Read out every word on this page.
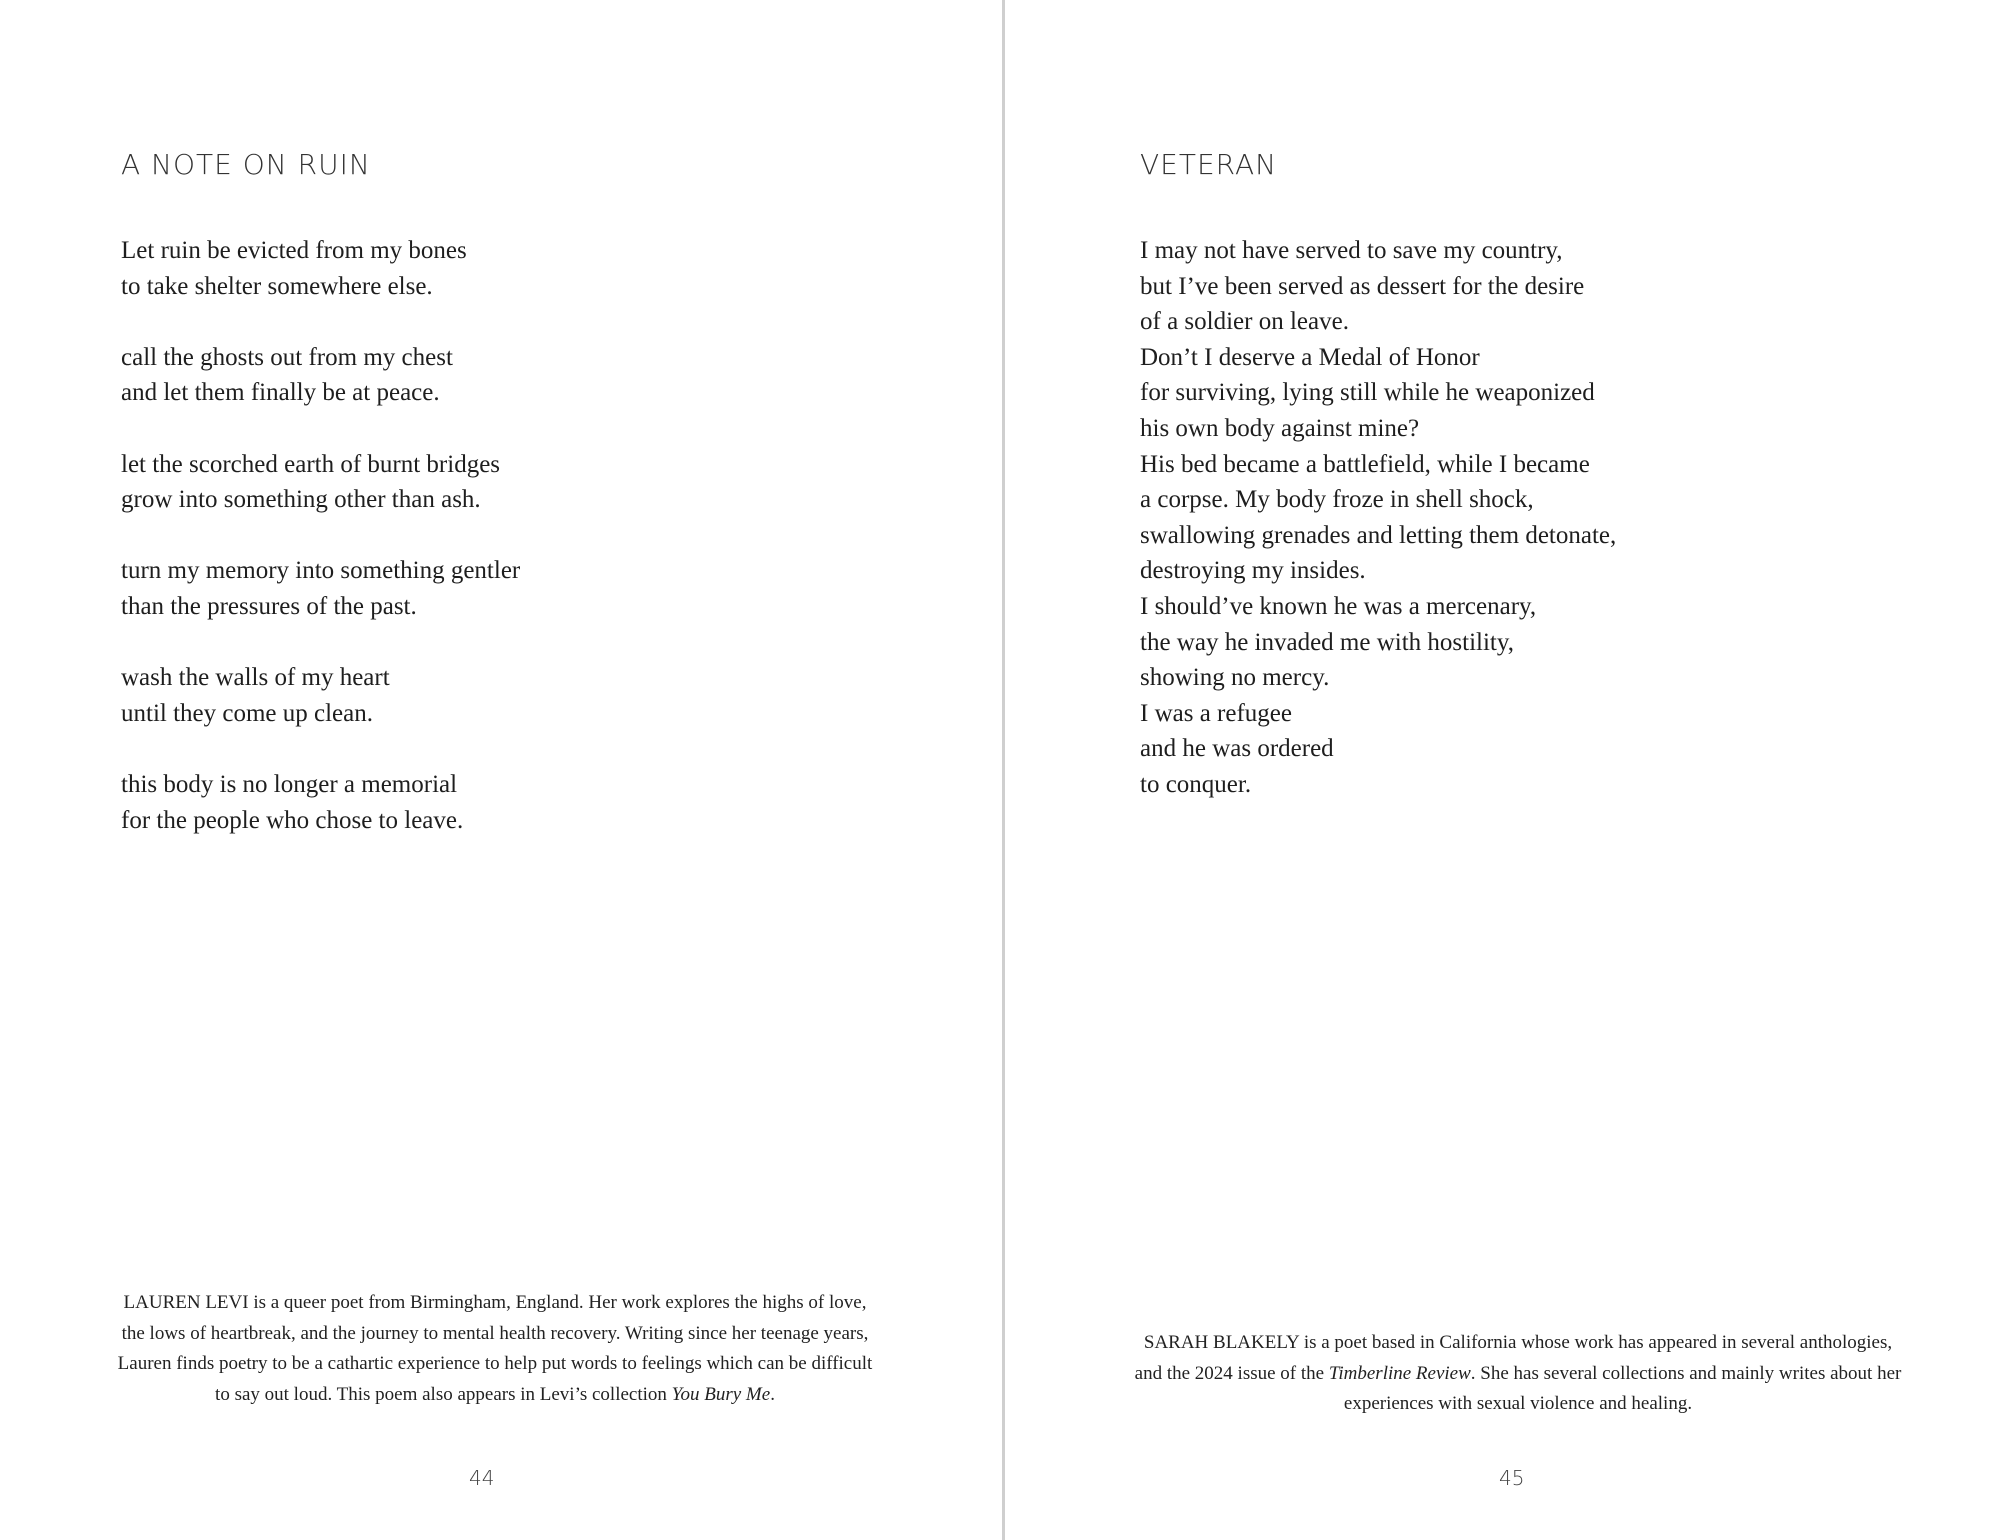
A NOTE ON RUIN
Let ruin be evicted from my bones
to take shelter somewhere else.
call the ghosts out from my chest
and let them finally be at peace.
let the scorched earth of burnt bridges
grow into something other than ash.
turn my memory into something gentler
than the pressures of the past.
wash the walls of my heart
until they come up clean.
this body is no longer a memorial
for the people who chose to leave.

LAUREN LEVI is a queer poet from Birmingham, England. Her work explores the highs of love, the lows of heartbreak, and the journey to mental health recovery. Writing since her teenage years, Lauren finds poetry to be a cathartic experience to help put words to feelings which can be difficult to say out loud. This poem also appears in Levi’s collection You Bury Me.

44
VETERAN
I may not have served to save my country,
but I’ve been served as dessert for the desire
of a soldier on leave.
Don’t I deserve a Medal of Honor
for surviving, lying still while he weaponized
his own body against mine?
His bed became a battlefield, while I became
a corpse. My body froze in shell shock,
swallowing grenades and letting them detonate,
destroying my insides.
I should’ve known he was a mercenary,
the way he invaded me with hostility,
showing no mercy.
I was a refugee
and he was ordered
to conquer.

SARAH BLAKELY is a poet based in California whose work has appeared in several anthologies, and the 2024 issue of the Timberline Review. She has several collections and mainly writes about her experiences with sexual violence and healing.

45
